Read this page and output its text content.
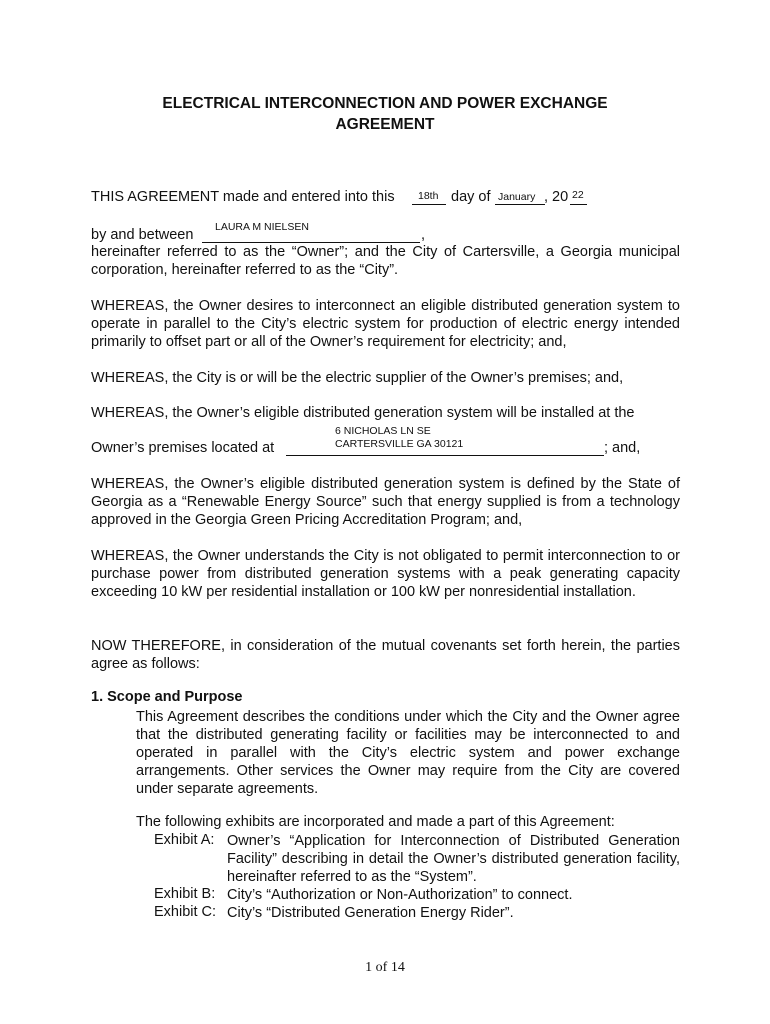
ELECTRICAL INTERCONNECTION AND POWER EXCHANGE
AGREEMENT
THIS AGREEMENT made and entered into this 18th day of January , 20 22
by and between LAURA M NIELSEN	,
hereinafter referred to as the “Owner”; and the City of Cartersville, a Georgia municipal corporation, hereinafter referred to as the “City”.
WHEREAS, the Owner desires to interconnect an eligible distributed generation system to operate in parallel to the City’s electric system for production of electric energy intended primarily to offset part or all of the Owner’s requirement for electricity; and,
WHEREAS, the City is or will be the electric supplier of the Owner’s premises; and,
WHEREAS, the Owner’s eligible distributed generation system will be installed at the
Owner’s premises located at
6 NICHOLAS LN SE
CARTERSVILLE GA 30121	; and,
WHEREAS, the Owner’s eligible distributed generation system is defined by the State of Georgia as a “Renewable Energy Source” such that energy supplied is from a technology approved in the Georgia Green Pricing Accreditation Program; and,
WHEREAS, the Owner understands the City is not obligated to permit interconnection to or purchase power from distributed generation systems with a peak generating capacity exceeding 10 kW per residential installation or 100 kW per nonresidential installation.
NOW THEREFORE, in consideration of the mutual covenants set forth herein, the parties agree as follows:
1. Scope and Purpose
This Agreement describes the conditions under which the City and the Owner agree that the distributed generating facility or facilities may be interconnected to and operated in parallel with the City’s electric system and power exchange arrangements. Other services the Owner may require from the City are covered under separate agreements.
The following exhibits are incorporated and made a part of this Agreement:
Exhibit A: Owner’s “Application for Interconnection of Distributed Generation Facility” describing in detail the Owner’s distributed generation facility, hereinafter referred to as the “System”.
Exhibit B: City’s “Authorization or Non-Authorization” to connect.
Exhibit C: City’s “Distributed Generation Energy Rider”.
1 of 14
